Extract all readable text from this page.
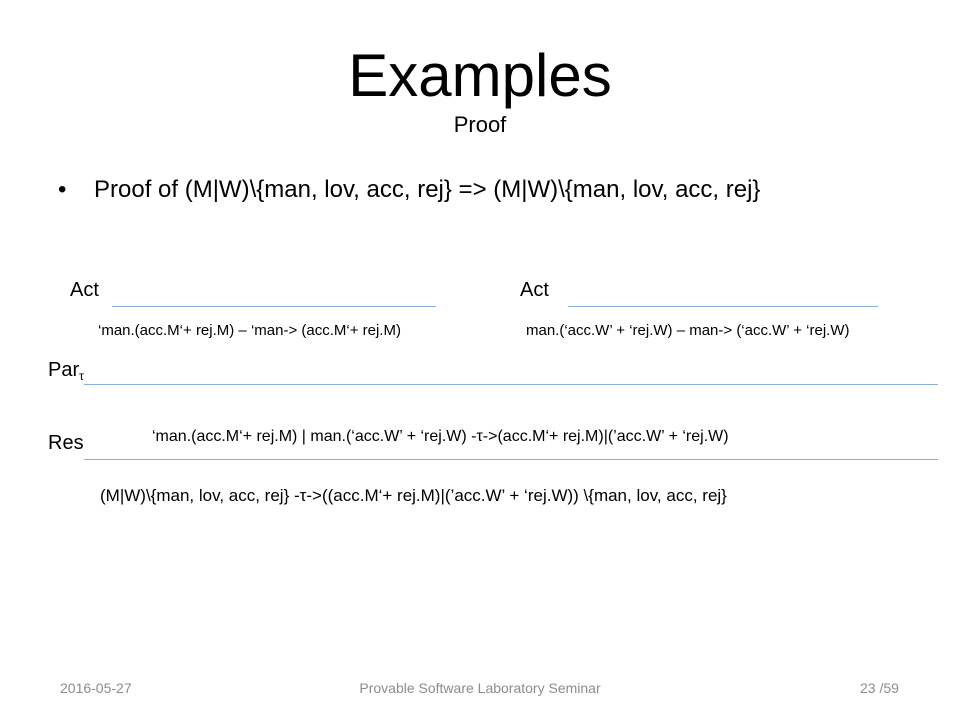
Examples
Proof
• Proof of (M|W)\{man, lov, acc, rej} => (M|W)\{man, lov, acc, rej}
Act
‘man.(acc.M‘+ rej.M) – ‘man-> (acc.M‘+ rej.M)
Act
man.(‘acc.W’ + ‘rej.W) – man-> (‘acc.W’ + ‘rej.W)
Par$_\tau$
Res	‘man.(acc.M‘+ rej.M) | man.(‘acc.W’ + ‘rej.W) -τ->(acc.M‘+ rej.M)|(’acc.W’ + ‘rej.W)
(M|W)\{man, lov, acc, rej} -τ->((acc.M‘+ rej.M)|(’acc.W’ + ‘rej.W)) \{man, lov, acc, rej}
2016-05-27	Provable Software Laboratory Seminar	23 /59
